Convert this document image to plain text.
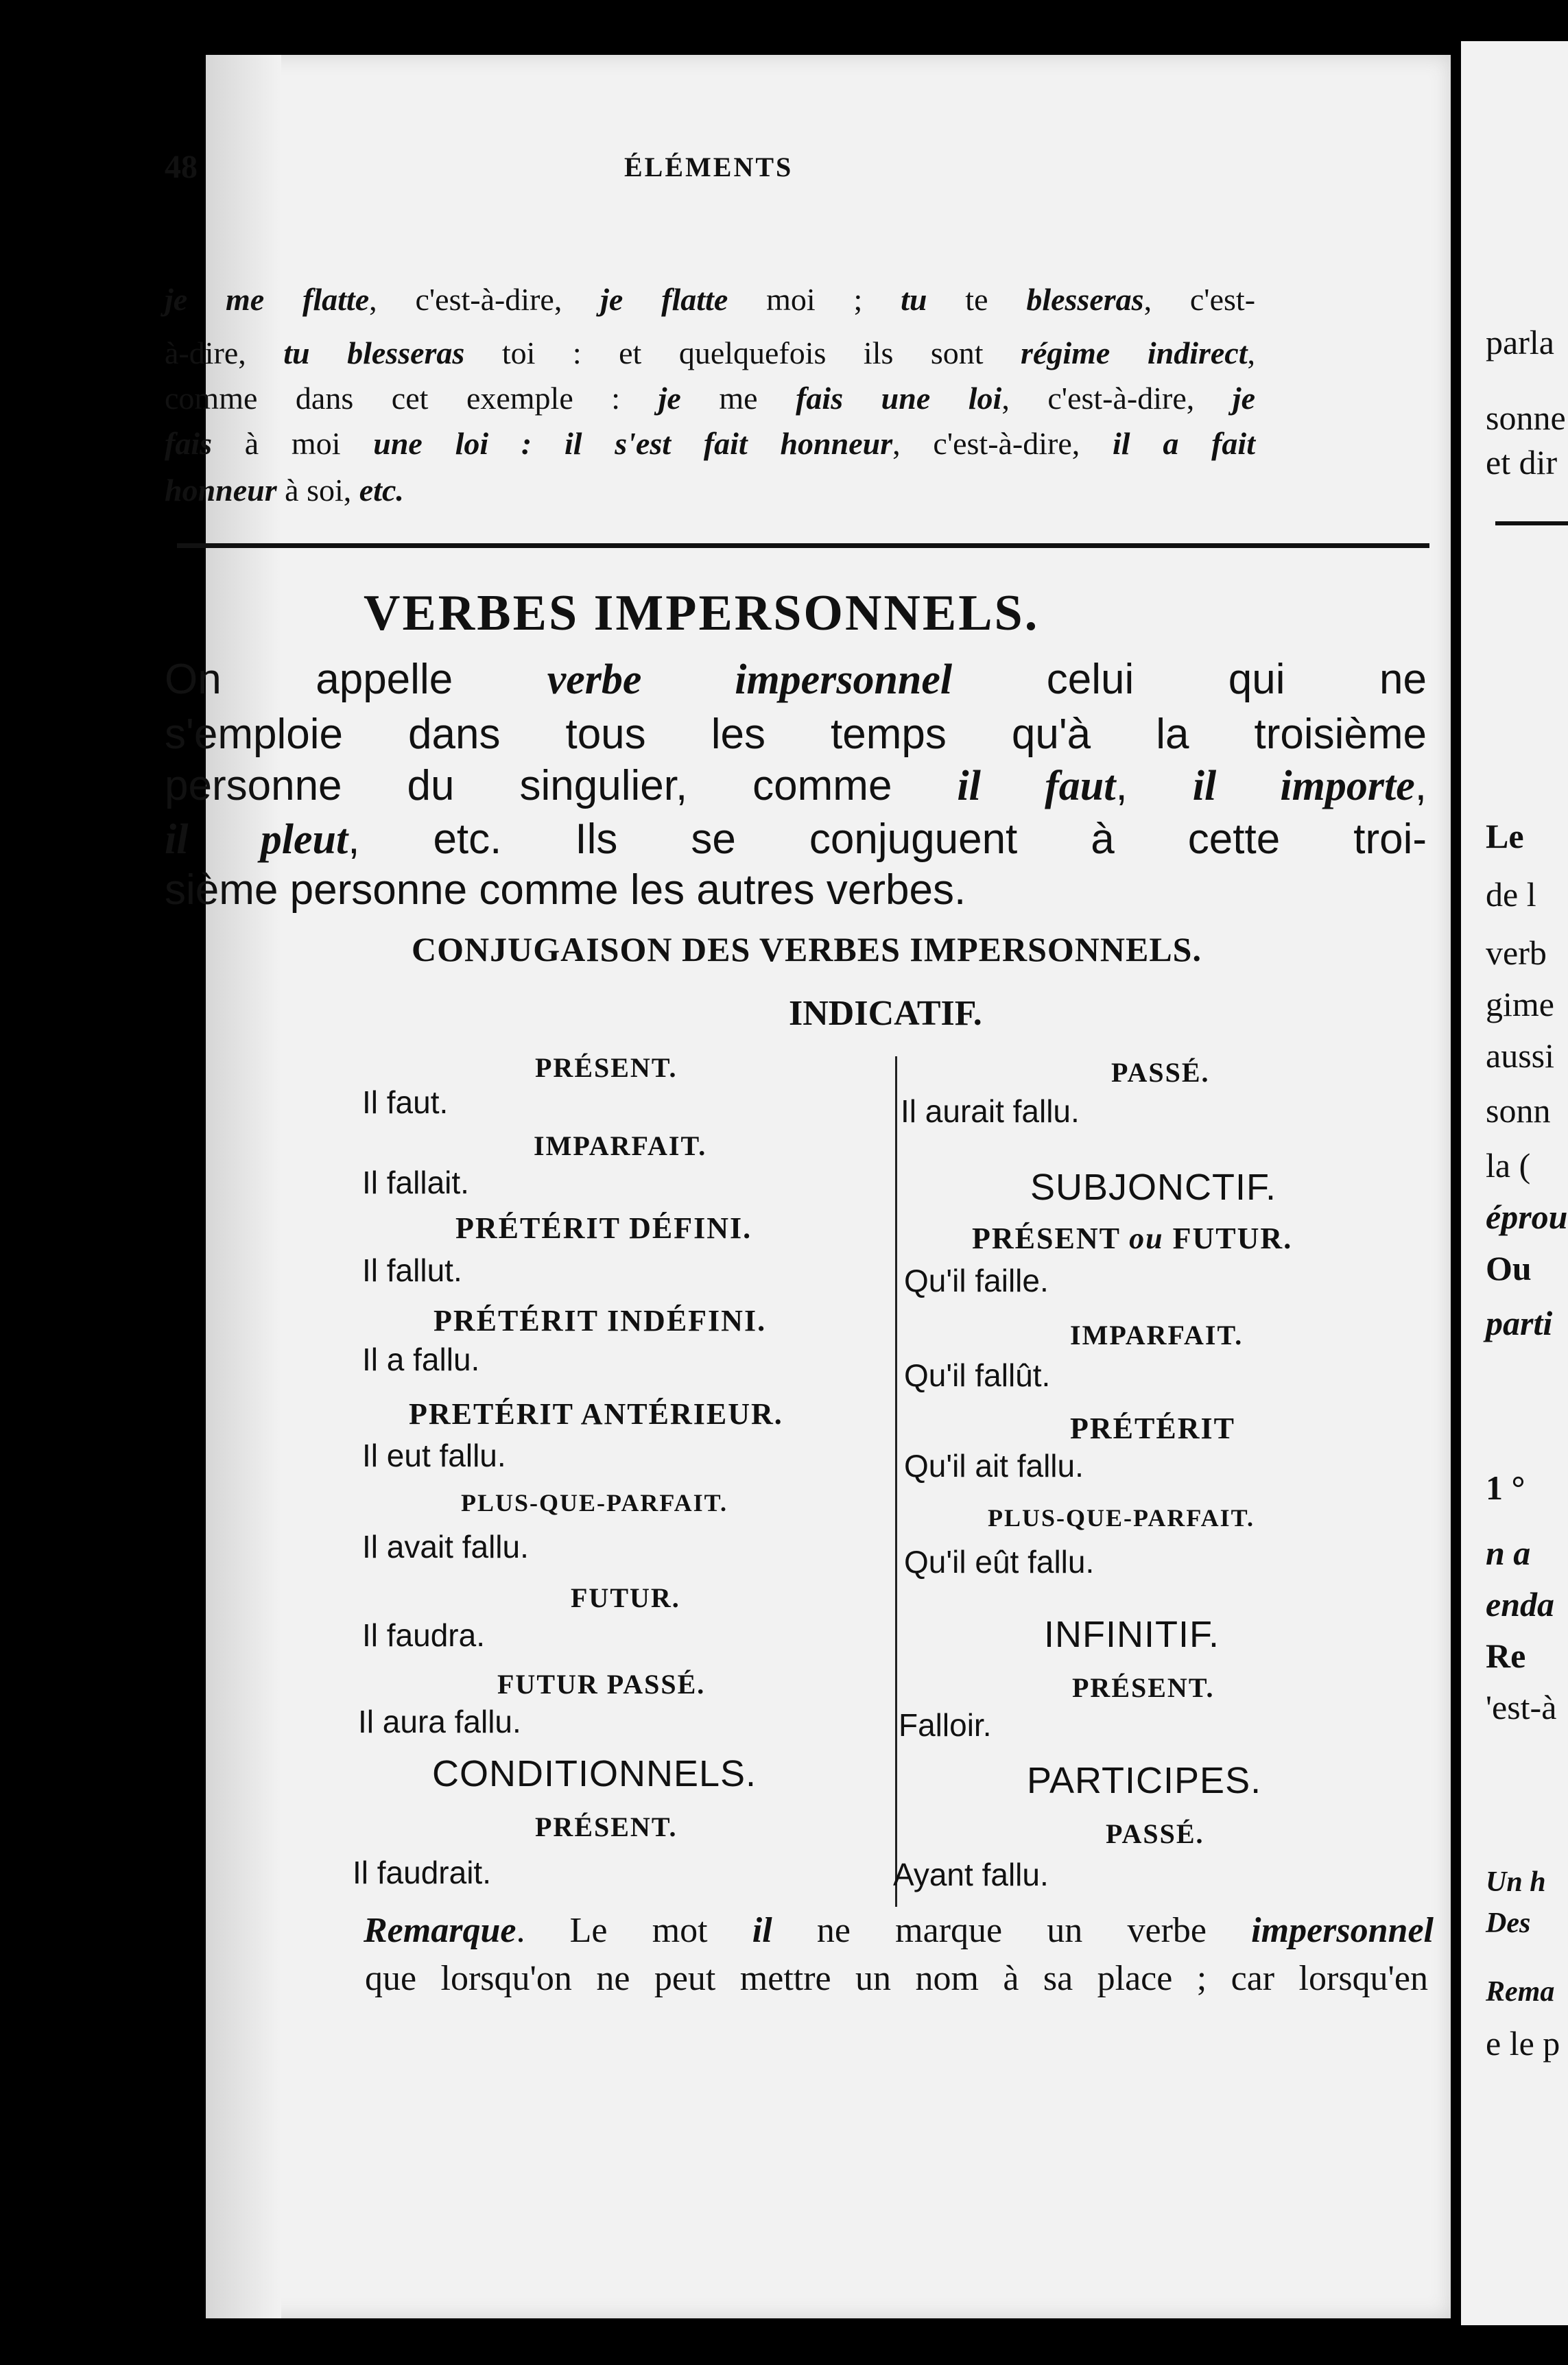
48	ÉLÉMENTS
je me flatte, c'est-à-dire, je flatte moi ; tu te blesseras, c'est-
à-dire, tu blesseras toi : et quelquefois ils sont régime indirect,
comme dans cet exemple : je me fais une loi, c'est-à-dire, je
fais à moi une loi : il s'est fait honneur, c'est-à-dire, il a fait
honneur à soi, etc.
VERBES IMPERSONNELS.
On appelle verbe impersonnel celui qui ne
s'emploie dans tous les temps qu'à la troisième
personne du singulier, comme il faut, il importe,
il pleut, etc. Ils se conjuguent à cette troi-
sième personne comme les autres verbes.
CONJUGAISON DES VERBES IMPERSONNELS.
INDICATIF.
PRÉSENT.
Il faut.
IMPARFAIT.
Il fallait.
PRÉTÉRIT DÉFINI.
Il fallut.
PRÉTÉRIT INDÉFINI.
Il a fallu.
PRETÉRIT ANTÉRIEUR.
Il eut fallu.
PLUS-QUE-PARFAIT.
Il avait fallu.
FUTUR.
Il faudra.
FUTUR PASSÉ.
Il aura fallu.
CONDITIONNELS.
PRÉSENT.
Il faudrait.
PASSÉ.
Il aurait fallu.
SUBJONCTIF.
PRÉSENT ou FUTUR.
Qu'il faille.
IMPARFAIT.
Qu'il fallût.
PRÉTÉRIT
Qu'il ait fallu.
PLUS-QUE-PARFAIT.
Qu'il eût fallu.
INFINITIF.
PRÉSENT.
Falloir.
PARTICIPES.
PASSÉ.
Ayant fallu.
Remarque. Le mot il ne marque un verbe impersonnel
que lorsqu'on ne peut mettre un nom à sa place ; car lorsqu'en
parla
sonne
et dir
Le
de l
verb
gime
aussi
sonn
la (
éprou
Ou
parti
1 °
n a
enda
Re
'est-à
Un h
Des
Rema
e le p
